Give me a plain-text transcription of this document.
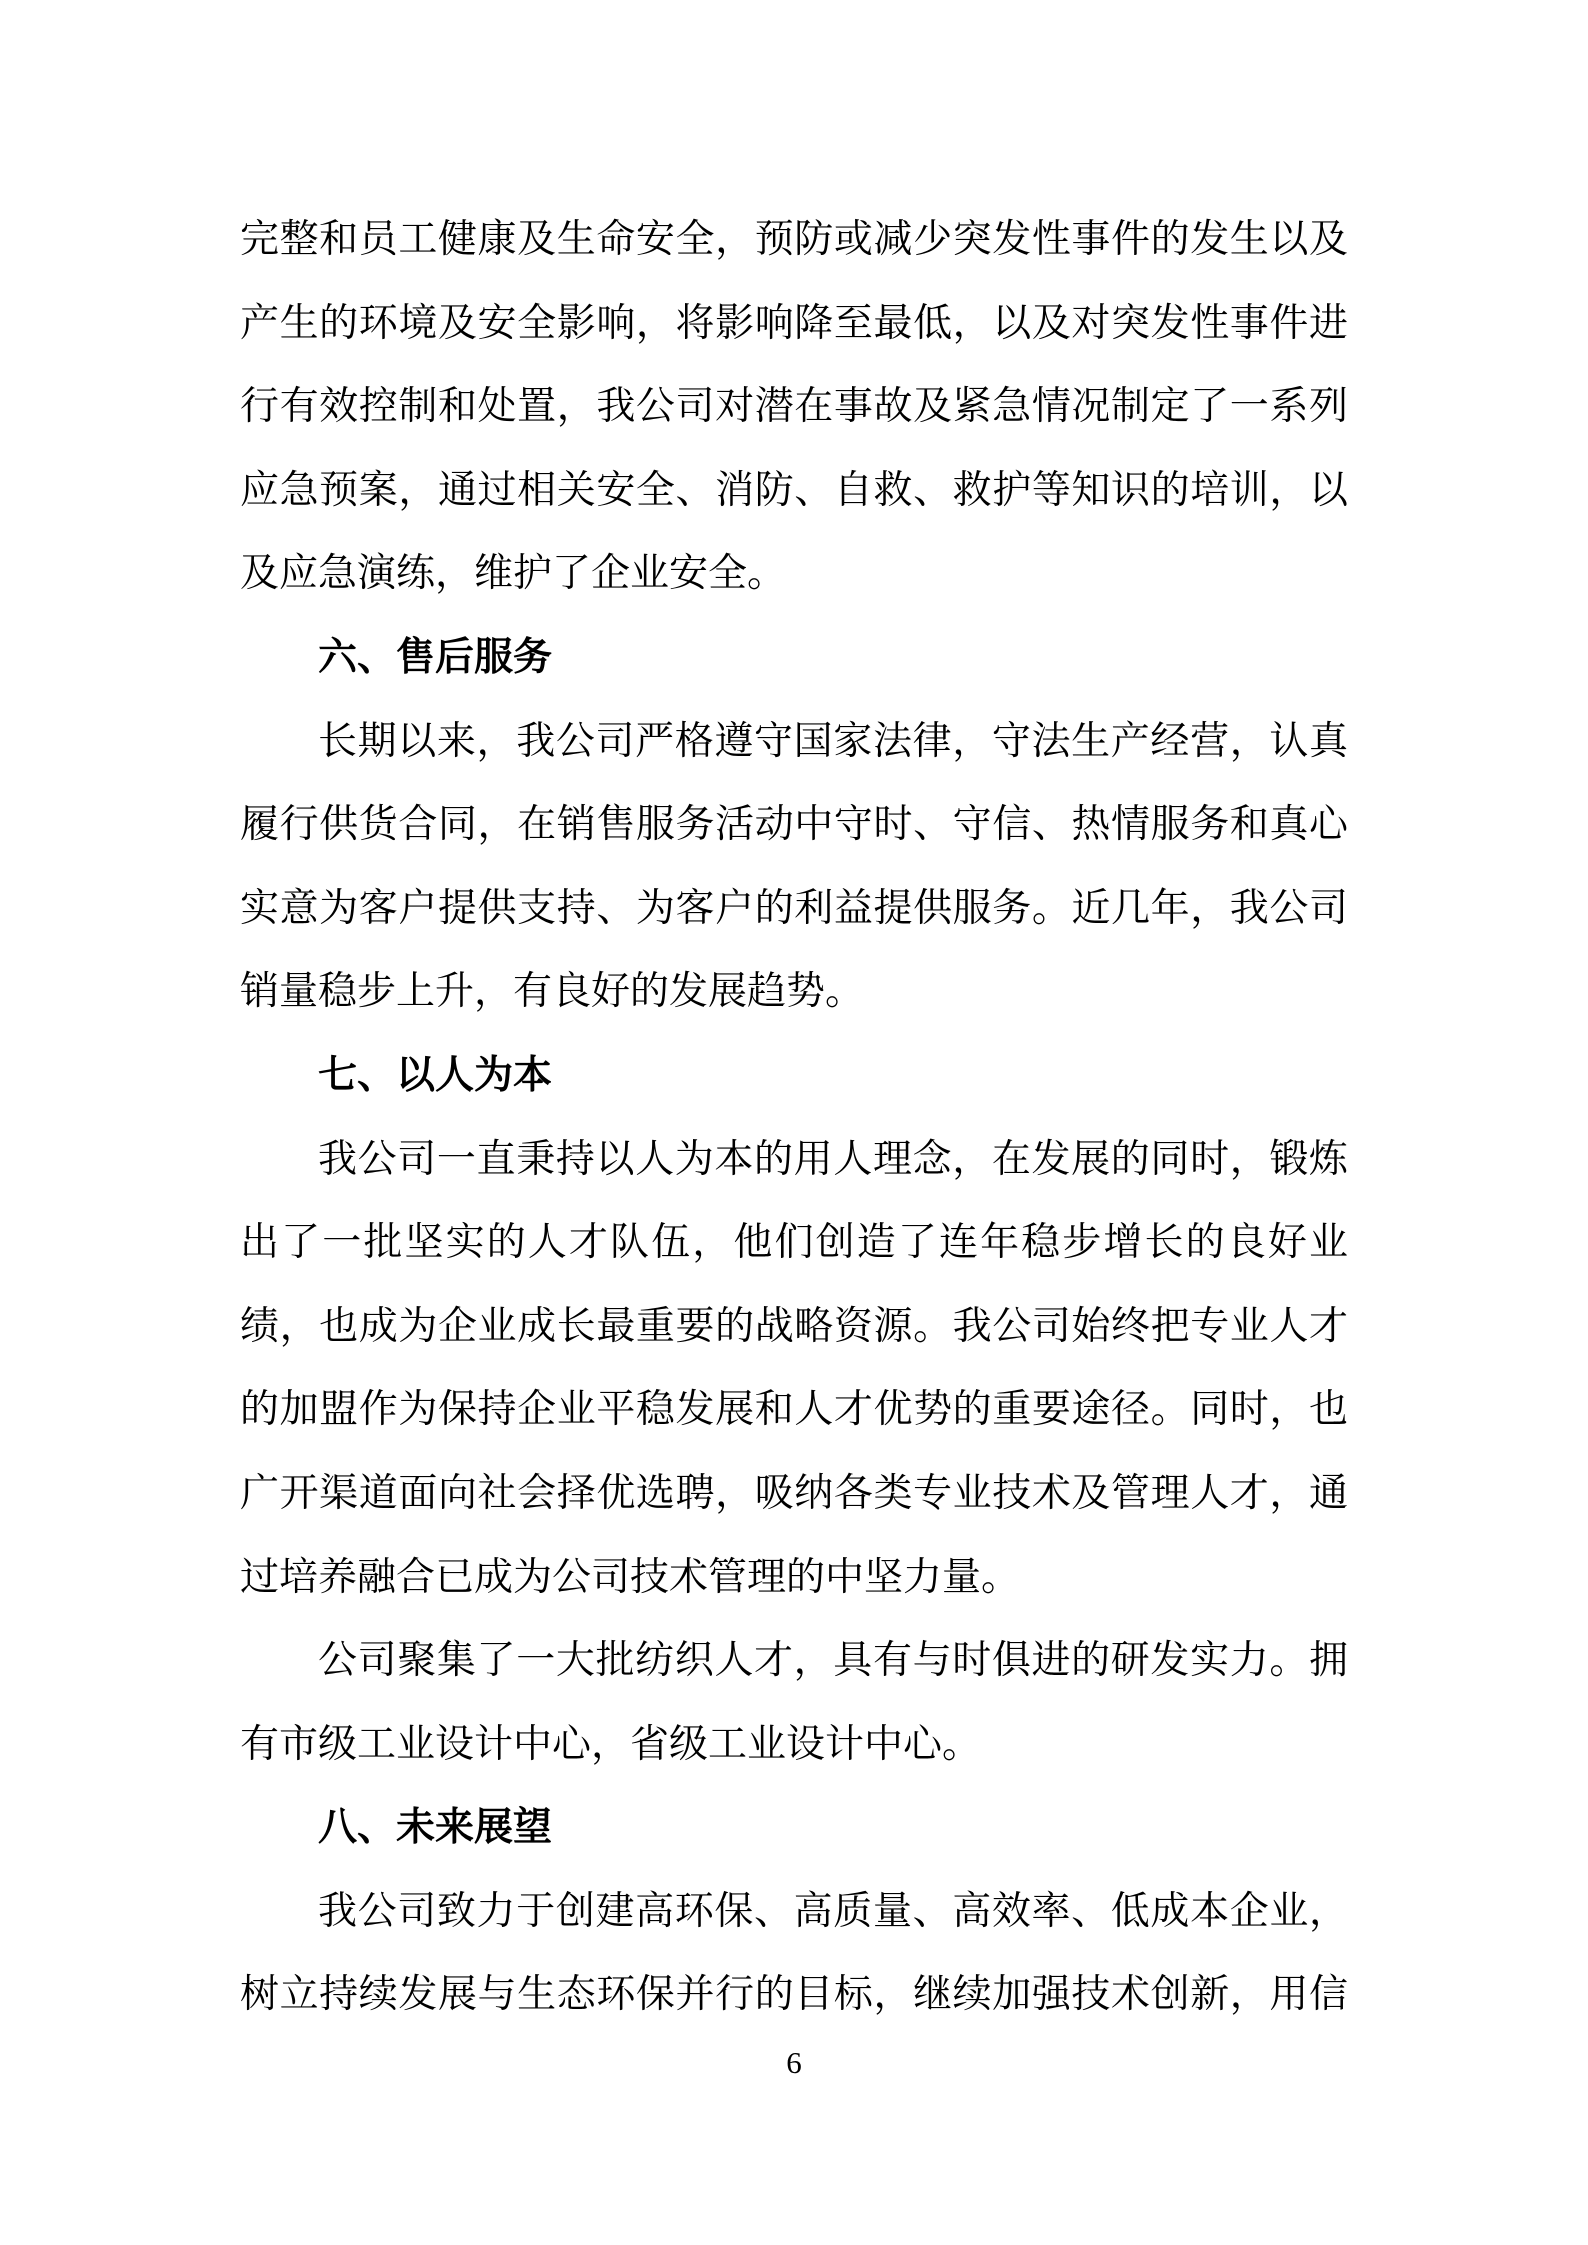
完整和员工健康及生命安全，预防或减少突发性事件的发生以及
产生的环境及安全影响，将影响降至最低，以及对突发性事件进
行有效控制和处置，我公司对潜在事故及紧急情况制定了一系列
应急预案，通过相关安全、消防、自救、救护等知识的培训，以
及应急演练，维护了企业安全。
六、售后服务
长期以来，我公司严格遵守国家法律，守法生产经营，认真
履行供货合同，在销售服务活动中守时、守信、热情服务和真心
实意为客户提供支持、为客户的利益提供服务。近几年，我公司
销量稳步上升，有良好的发展趋势。
七、以人为本
我公司一直秉持以人为本的用人理念，在发展的同时，锻炼
出了一批坚实的人才队伍，他们创造了连年稳步增长的良好业
绩，也成为企业成长最重要的战略资源。我公司始终把专业人才
的加盟作为保持企业平稳发展和人才优势的重要途径。同时，也
广开渠道面向社会择优选聘，吸纳各类专业技术及管理人才，通
过培养融合已成为公司技术管理的中坚力量。
公司聚集了一大批纺织人才，具有与时俱进的研发实力。拥
有市级工业设计中心，省级工业设计中心。
八、未来展望
我公司致力于创建高环保、高质量、高效率、低成本企业，
树立持续发展与生态环保并行的目标，继续加强技术创新，用信
6
